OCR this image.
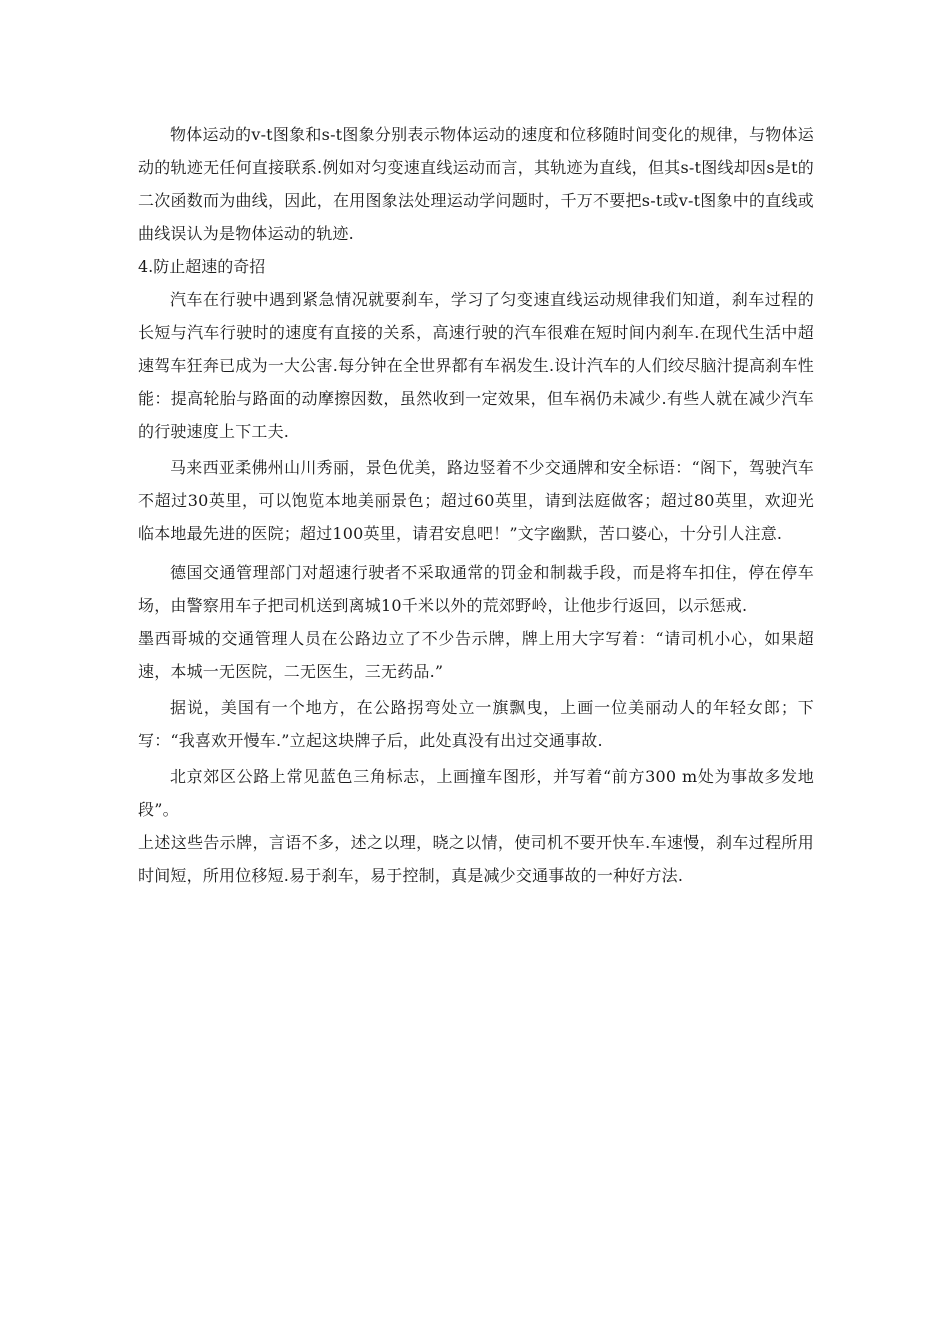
物体运动的v-t图象和s-t图象分别表示物体运动的速度和位移随时间变化的规律，与物体运动的轨迹无任何直接联系.例如对匀变速直线运动而言，其轨迹为直线，但其s-t图线却因s是t的二次函数而为曲线，因此，在用图象法处理运动学问题时，千万不要把s-t或v-t图象中的直线或曲线误认为是物体运动的轨迹.

4.防止超速的奇招

汽车在行驶中遇到紧急情况就要刹车，学习了匀变速直线运动规律我们知道，刹车过程的长短与汽车行驶时的速度有直接的关系，高速行驶的汽车很难在短时间内刹车.在现代生活中超速驾车狂奔已成为一大公害.每分钟在全世界都有车祸发生.设计汽车的人们绞尽脑汁提高刹车性能：提高轮胎与路面的动摩擦因数，虽然收到一定效果，但车祸仍未减少.有些人就在减少汽车的行驶速度上下工夫.

马来西亚柔佛州山川秀丽，景色优美，路边竖着不少交通牌和安全标语：“阁下，驾驶汽车不超过30英里，可以饱览本地美丽景色；超过60英里，请到法庭做客；超过80英里，欢迎光临本地最先进的医院；超过100英里，请君安息吧！”文字幽默，苦口婆心，十分引人注意.

德国交通管理部门对超速行驶者不采取通常的罚金和制裁手段，而是将车扣住，停在停车场，由警察用车子把司机送到离城10千米以外的荒郊野岭，让他步行返回，以示惩戒.

墨西哥城的交通管理人员在公路边立了不少告示牌，牌上用大字写着：“请司机小心，如果超速，本城一无医院，二无医生，三无药品.”

据说，美国有一个地方，在公路拐弯处立一旗飘曳，上画一位美丽动人的年轻女郎；下写：“我喜欢开慢车.”立起这块牌子后，此处真没有出过交通事故.

北京郊区公路上常见蓝色三角标志，上画撞车图形，并写着“前方300 m处为事故多发地段”。

上述这些告示牌，言语不多，述之以理，晓之以情，使司机不要开快车.车速慢，刹车过程所用时间短，所用位移短.易于刹车，易于控制，真是减少交通事故的一种好方法.
